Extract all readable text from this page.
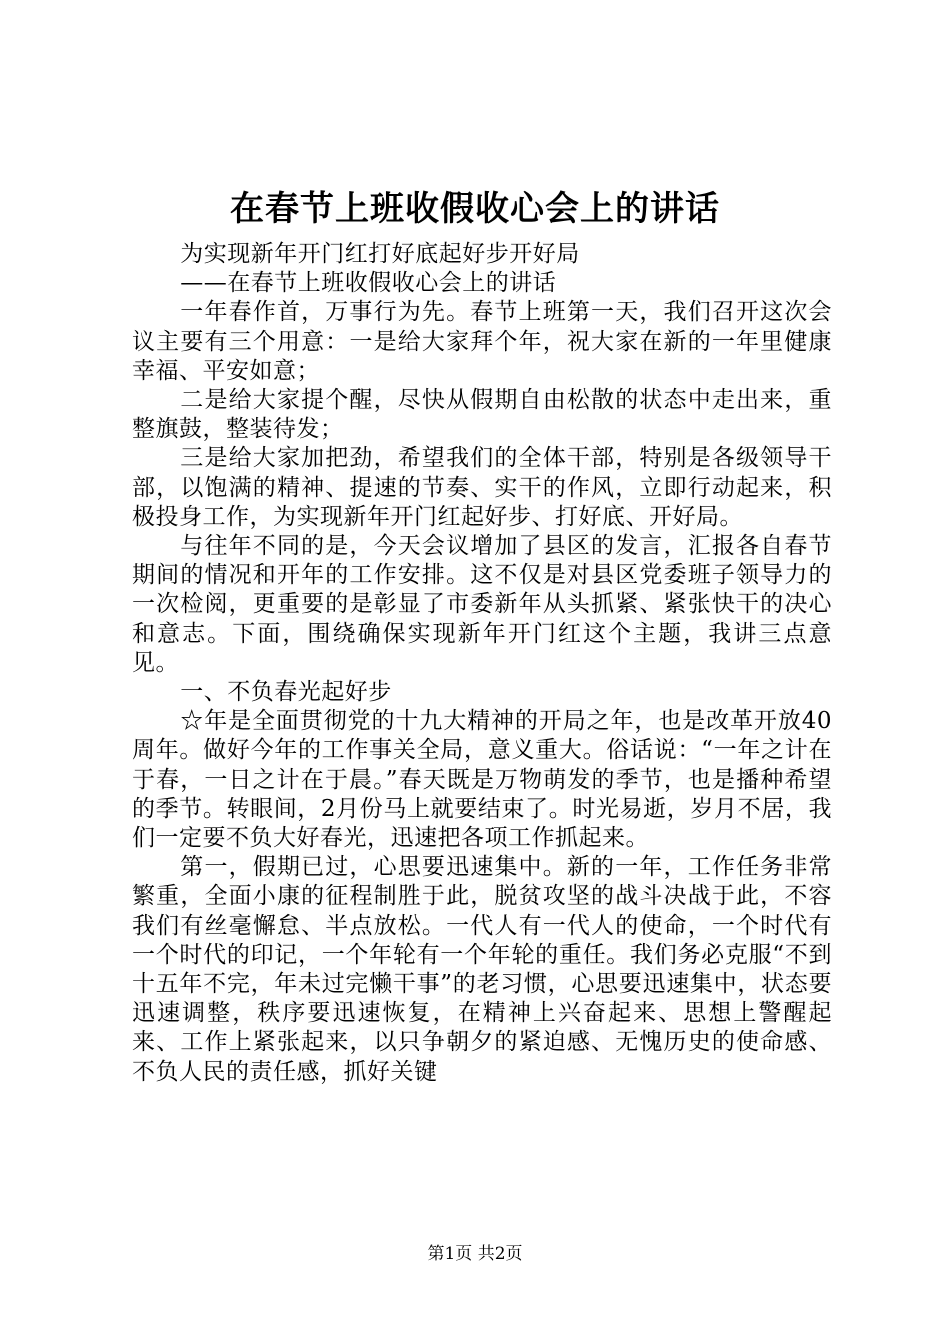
在春节上班收假收心会上的讲话

为实现新年开门红打好底起好步开好局

——在春节上班收假收心会上的讲话

一年春作首，万事行为先。春节上班第一天，我们召开这次会议主要有三个用意：一是给大家拜个年，祝大家在新的一年里健康幸福、平安如意；

二是给大家提个醒，尽快从假期自由松散的状态中走出来，重整旗鼓，整装待发；

三是给大家加把劲，希望我们的全体干部，特别是各级领导干部，以饱满的精神、提速的节奏、实干的作风，立即行动起来，积极投身工作，为实现新年开门红起好步、打好底、开好局。

与往年不同的是，今天会议增加了县区的发言，汇报各自春节期间的情况和开年的工作安排。这不仅是对县区党委班子领导力的一次检阅，更重要的是彰显了市委新年从头抓紧、紧张快干的决心和意志。下面，围绕确保实现新年开门红这个主题，我讲三点意见。

一、不负春光起好步

☆年是全面贯彻党的十九大精神的开局之年，也是改革开放40周年。做好今年的工作事关全局，意义重大。俗话说：“一年之计在于春，一日之计在于晨。”春天既是万物萌发的季节，也是播种希望的季节。转眼间，2月份马上就要结束了。时光易逝，岁月不居，我们一定要不负大好春光，迅速把各项工作抓起来。

第一，假期已过，心思要迅速集中。新的一年，工作任务非常繁重，全面小康的征程制胜于此，脱贫攻坚的战斗决战于此，不容我们有丝毫懈怠、半点放松。一代人有一代人的使命，一个时代有一个时代的印记，一个年轮有一个年轮的重任。我们务必克服“不到十五年不完，年未过完懒干事”的老习惯，心思要迅速集中，状态要迅速调整，秩序要迅速恢复，在精神上兴奋起来、思想上警醒起来、工作上紧张起来，以只争朝夕的紧迫感、无愧历史的使命感、不负人民的责任感，抓好关键

第1页 共2页
